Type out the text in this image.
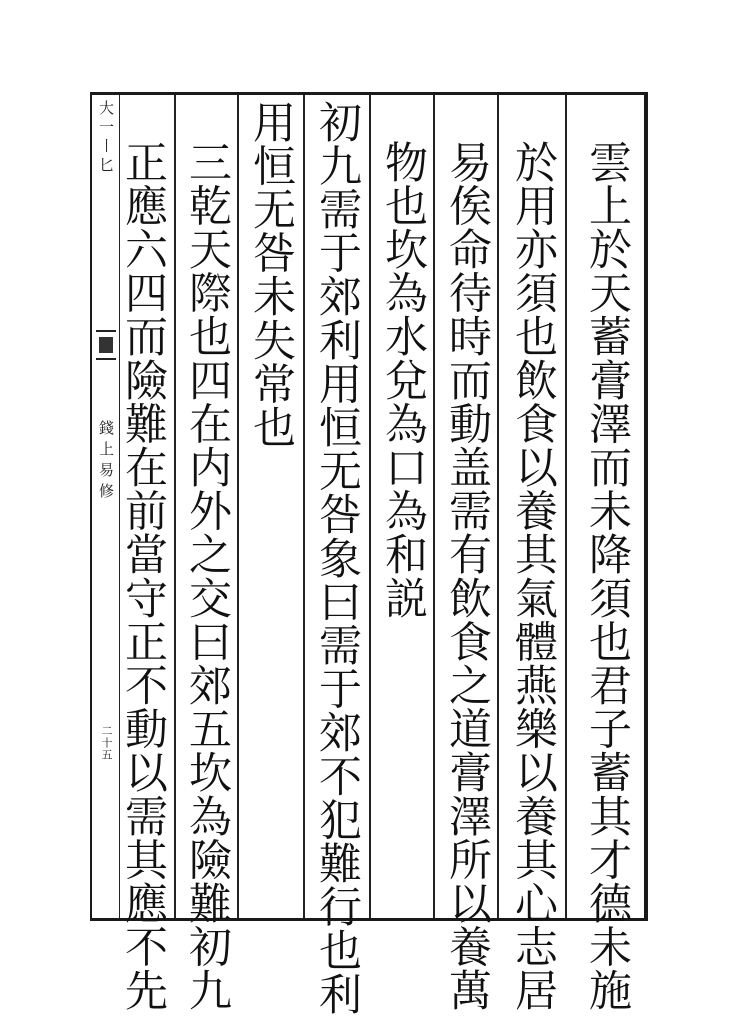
大一〡匕
錢上易修
二十五	雲上於天蓄膏澤而未降須也君子蓄其才德未施
於用亦須也飲食以養其氣體燕樂以養其心志居
易俟命待時而動盖需有飲食之道膏澤所以養萬
物也坎為水兌為口為和説
初九需于郊利用恒无咎象曰需于郊不犯難行也利
用恒无咎未失常也
三乾天際也四在内外之交曰郊五坎為險難初九
正應六四而險難在前當守正不動以需其應不先
